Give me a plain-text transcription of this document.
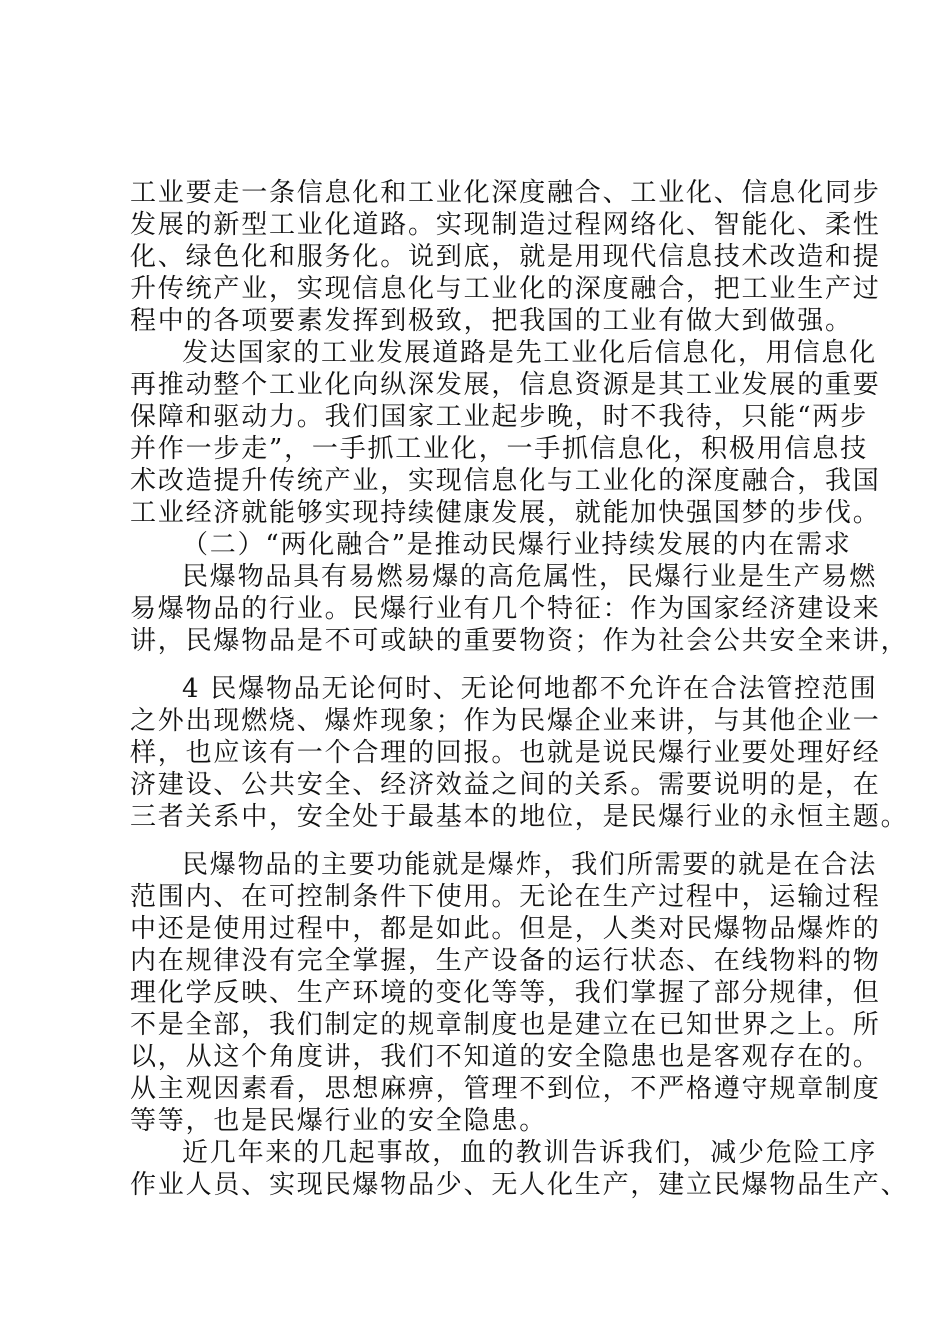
工业要走一条信息化和工业化深度融合、工业化、信息化同步
发展的新型工业化道路。实现制造过程网络化、智能化、柔性
化、绿色化和服务化。说到底，就是用现代信息技术改造和提
升传统产业，实现信息化与工业化的深度融合，把工业生产过
程中的各项要素发挥到极致，把我国的工业有做大到做强。
发达国家的工业发展道路是先工业化后信息化，用信息化
再推动整个工业化向纵深发展，信息资源是其工业发展的重要
保障和驱动力。我们国家工业起步晚，时不我待，只能“两步
并作一步走”，一手抓工业化，一手抓信息化，积极用信息技
术改造提升传统产业，实现信息化与工业化的深度融合，我国
工业经济就能够实现持续健康发展，就能加快强国梦的步伐。
（二）“两化融合”是推动民爆行业持续发展的内在需求
民爆物品具有易燃易爆的高危属性，民爆行业是生产易燃
易爆物品的行业。民爆行业有几个特征：作为国家经济建设来
讲，民爆物品是不可或缺的重要物资；作为社会公共安全来讲，
4 民爆物品无论何时、无论何地都不允许在合法管控范围
之外出现燃烧、爆炸现象；作为民爆企业来讲，与其他企业一
样，也应该有一个合理的回报。也就是说民爆行业要处理好经
济建设、公共安全、经济效益之间的关系。需要说明的是，在
三者关系中，安全处于最基本的地位，是民爆行业的永恒主题。
民爆物品的主要功能就是爆炸，我们所需要的就是在合法
范围内、在可控制条件下使用。无论在生产过程中，运输过程
中还是使用过程中，都是如此。但是，人类对民爆物品爆炸的
内在规律没有完全掌握，生产设备的运行状态、在线物料的物
理化学反映、生产环境的变化等等，我们掌握了部分规律，但
不是全部，我们制定的规章制度也是建立在已知世界之上。所
以，从这个角度讲，我们不知道的安全隐患也是客观存在的。
从主观因素看，思想麻痹，管理不到位，不严格遵守规章制度
等等，也是民爆行业的安全隐患。
近几年来的几起事故，血的教训告诉我们，减少危险工序
作业人员、实现民爆物品少、无人化生产，建立民爆物品生产、
